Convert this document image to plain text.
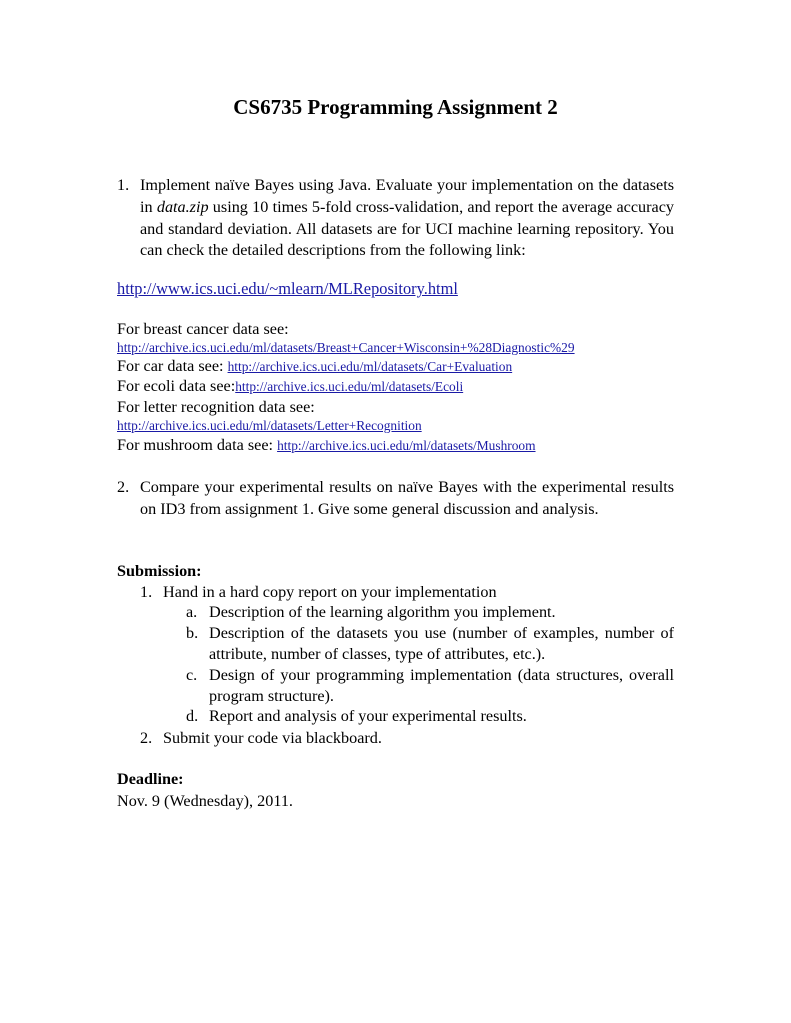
CS6735 Programming Assignment 2
1. Implement naïve Bayes using Java. Evaluate your implementation on the datasets in data.zip using 10 times 5-fold cross-validation, and report the average accuracy and standard deviation. All datasets are for UCI machine learning repository. You can check the detailed descriptions from the following link:
http://www.ics.uci.edu/~mlearn/MLRepository.html
For breast cancer data see:
http://archive.ics.uci.edu/ml/datasets/Breast+Cancer+Wisconsin+%28Diagnostic%29
For car data see: http://archive.ics.uci.edu/ml/datasets/Car+Evaluation
For ecoli data see:http://archive.ics.uci.edu/ml/datasets/Ecoli
For letter recognition data see:
http://archive.ics.uci.edu/ml/datasets/Letter+Recognition
For mushroom data see: http://archive.ics.uci.edu/ml/datasets/Mushroom
2. Compare your experimental results on naïve Bayes with the experimental results on ID3 from assignment 1. Give some general discussion and analysis.
Submission:
1. Hand in a hard copy report on your implementation
a. Description of the learning algorithm you implement.
b. Description of the datasets you use (number of examples, number of attribute, number of classes, type of attributes, etc.).
c. Design of your programming implementation (data structures, overall program structure).
d. Report and analysis of your experimental results.
2. Submit your code via blackboard.
Deadline:
Nov. 9 (Wednesday), 2011.
